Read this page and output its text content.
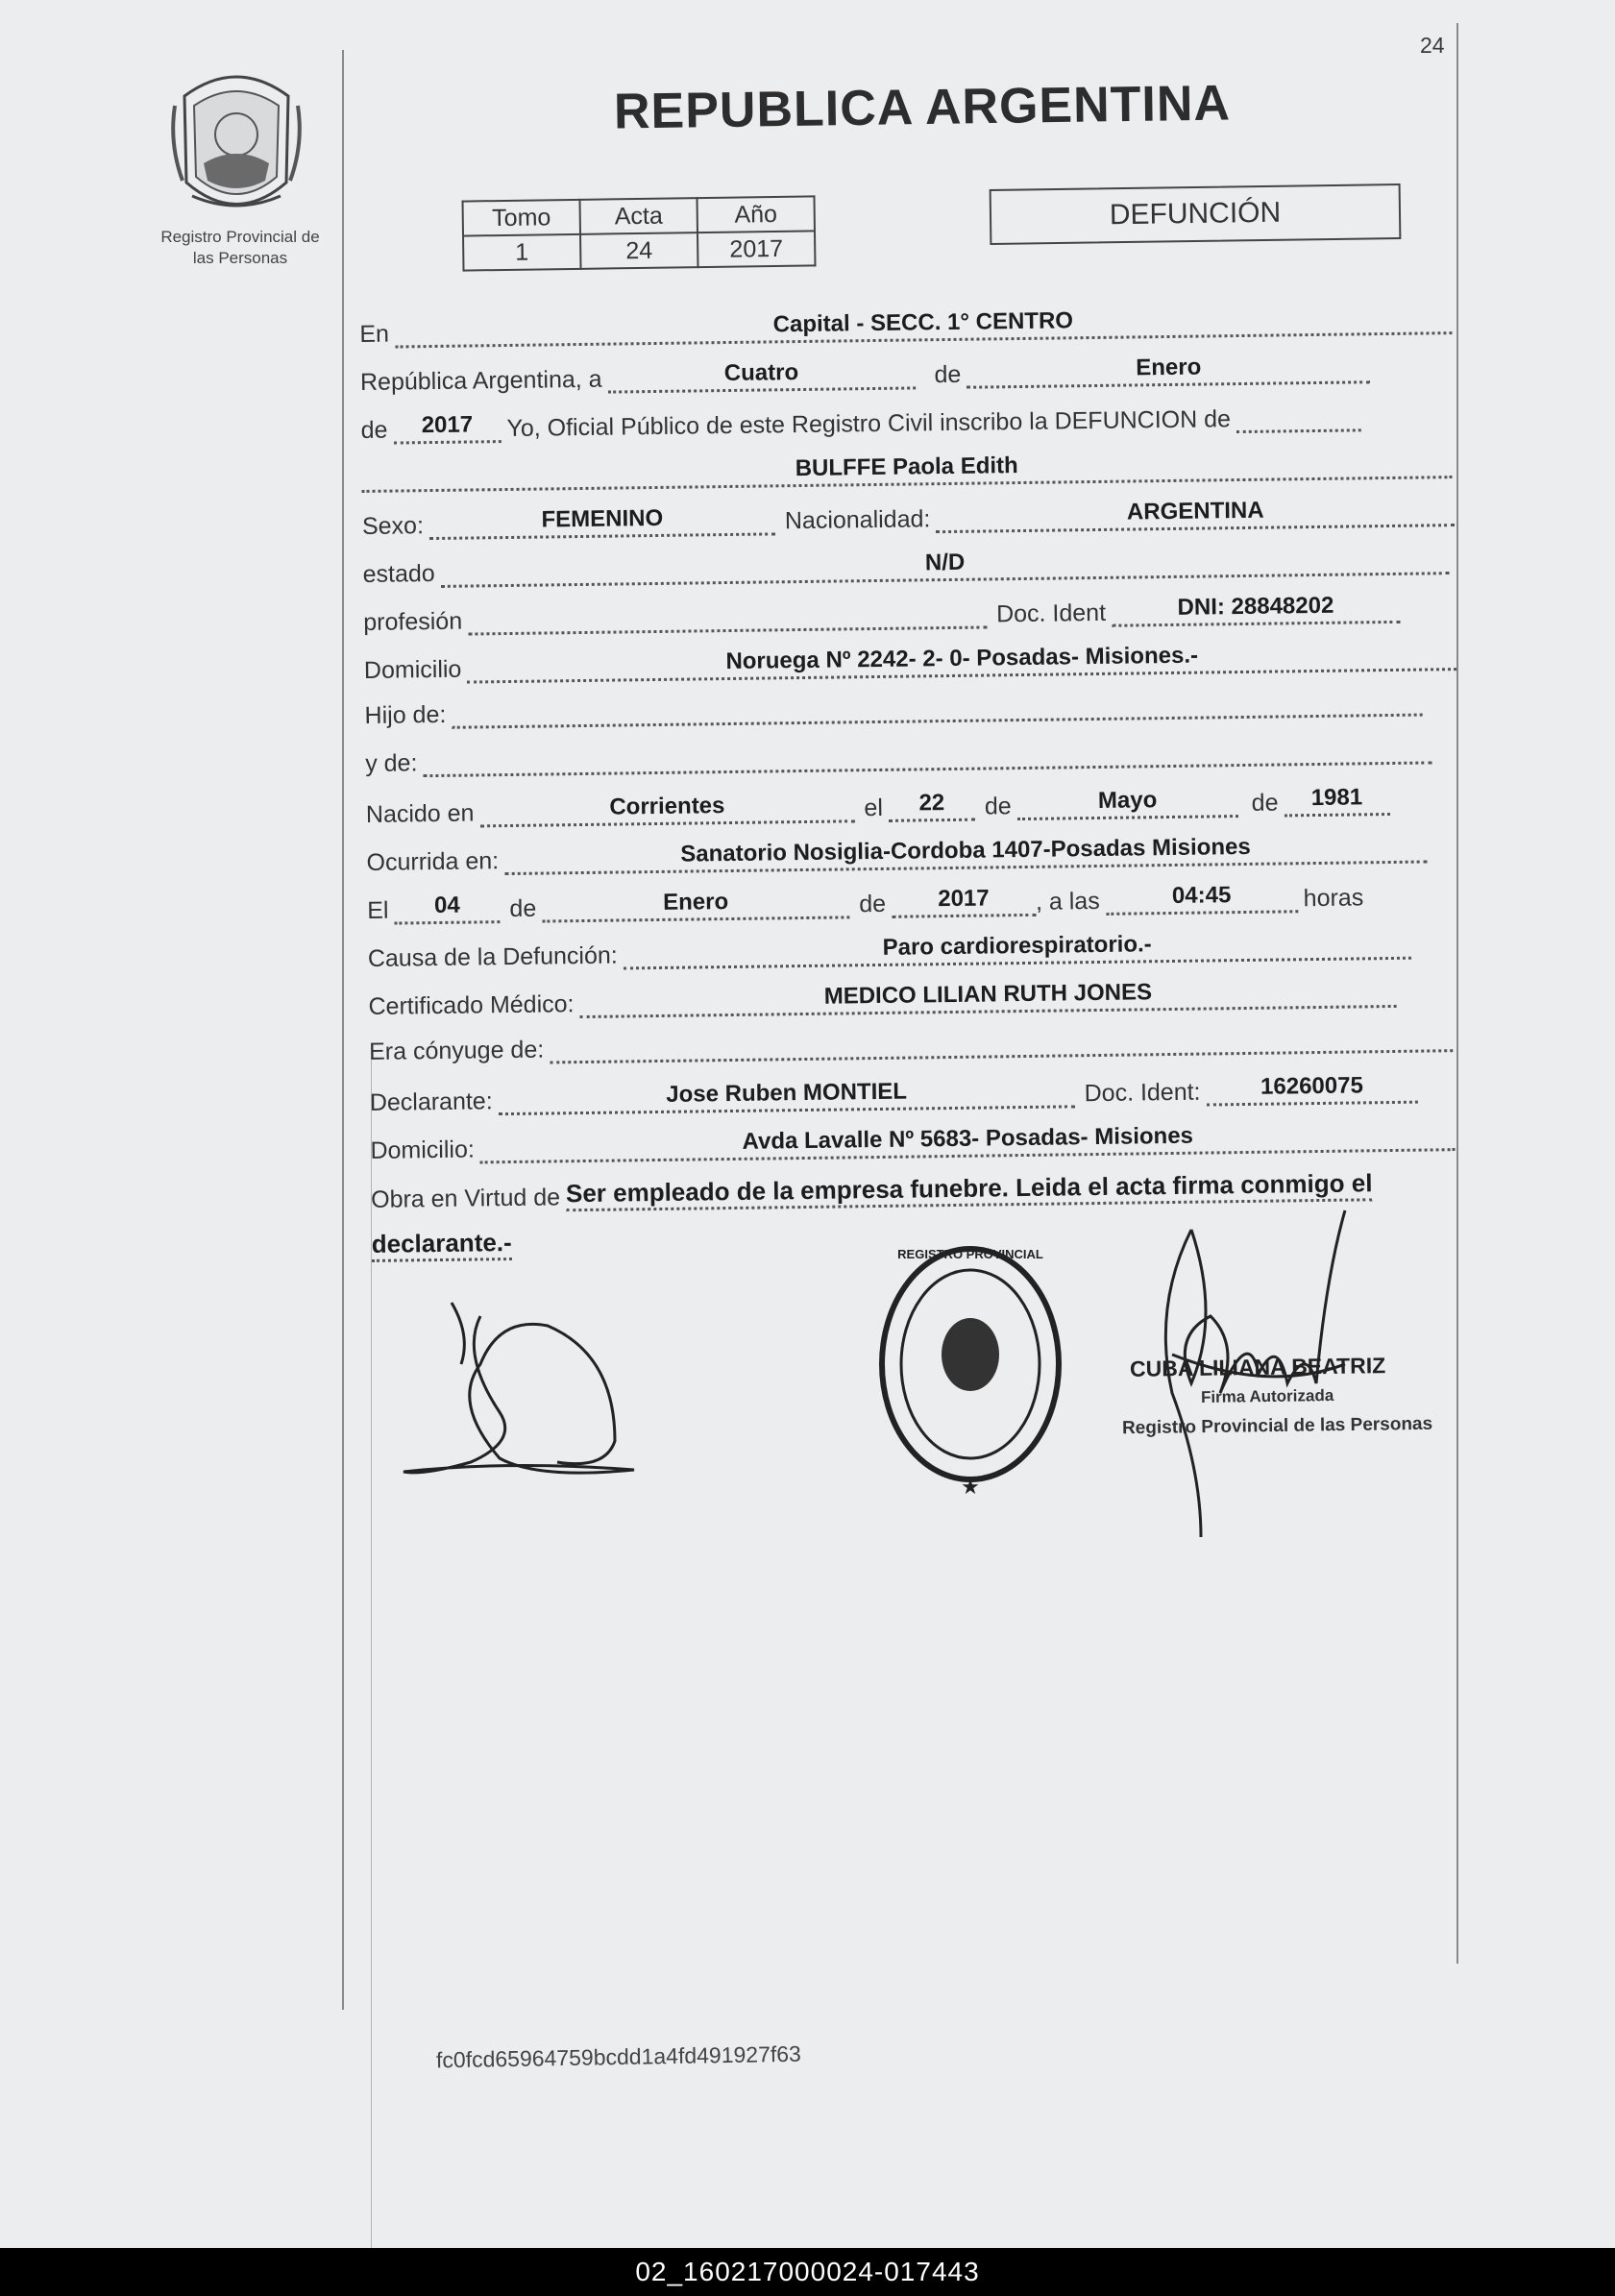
24
Registro Provincial de
las Personas
REPUBLICA ARGENTINA
Tomo	Acta	Año
1	24	2017
DEFUNCIÓN
En	Capital - SECC. 1° CENTRO
República Argentina, a	Cuatro	de	Enero
de	2017	Yo, Oficial Público de este Registro Civil inscribo la DEFUNCION de
BULFFE Paola Edith
Sexo:	FEMENINO	Nacionalidad:	ARGENTINA
estado	N/D
profesión	Doc. Ident	DNI: 28848202
Domicilio	Noruega Nº 2242- 2- 0- Posadas- Misiones.-
Hijo de:
y de:
Nacido en	Corrientes	el	22	de	Mayo	de	1981
Ocurrida en:	Sanatorio Nosiglia-Cordoba 1407-Posadas Misiones
El	04	de	Enero	de	2017	, a las	04:45	horas
Causa de la Defunción:	Paro cardiorespiratorio.-
Certificado Médico:	MEDICO LILIAN RUTH JONES
Era cónyuge de:
Declarante:	Jose Ruben MONTIEL	Doc. Ident:	16260075
Domicilio:	Avda Lavalle Nº 5683- Posadas- Misiones
Obra en Virtud de Ser empleado de la empresa funebre. Leida el acta firma conmigo el
declarante.-	REGISTRO PROVINCIAL
★
CUBA LILIANA BEATRIZ
Firma Autorizada
Registro Provincial de las Personas
fc0fcd65964759bcdd1a4fd491927f63
02_160217000024-017443
